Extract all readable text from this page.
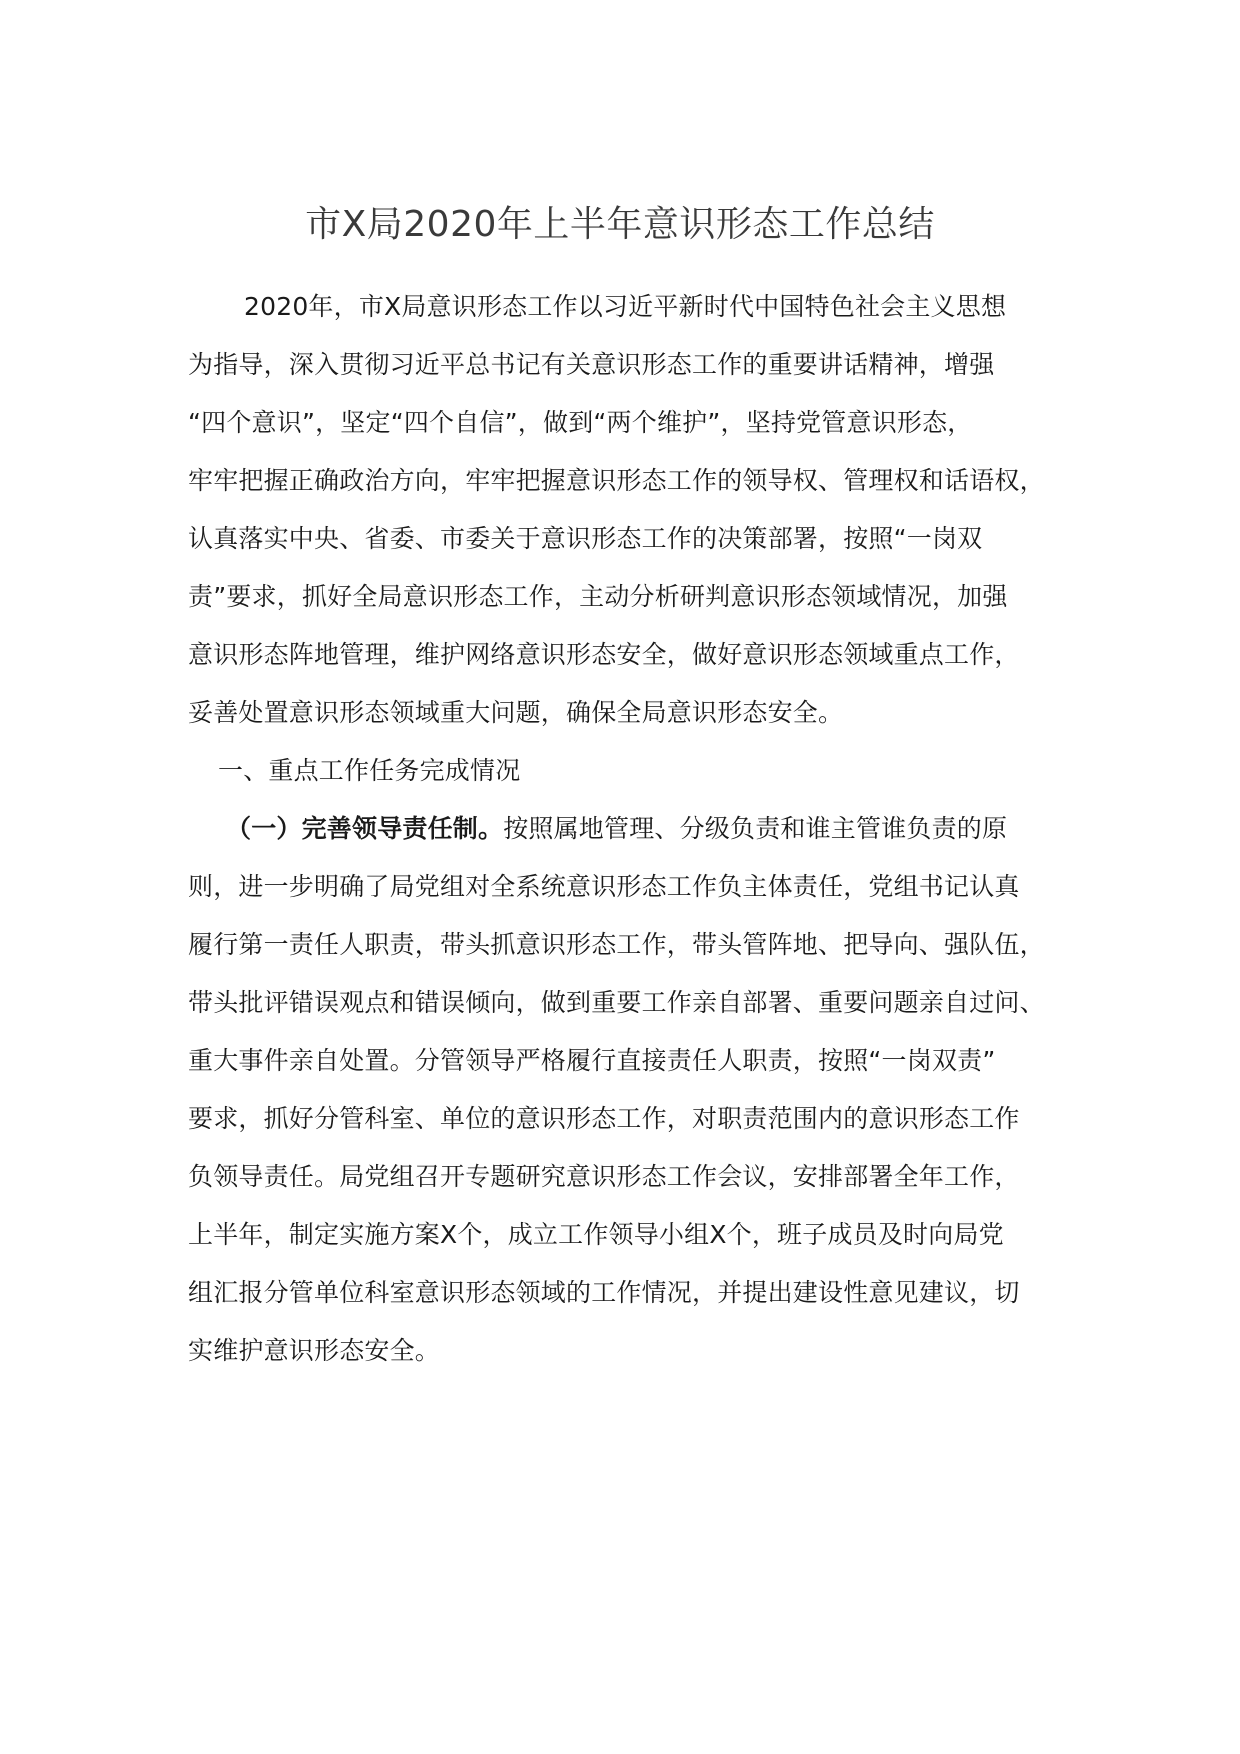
市X局2020年上半年意识形态工作总结
2020年，市X局意识形态工作以习近平新时代中国特色社会主义思想
为指导，深入贯彻习近平总书记有关意识形态工作的重要讲话精神，增强
“四个意识”，坚定“四个自信”，做到“两个维护”，坚持党管意识形态，
牢牢把握正确政治方向，牢牢把握意识形态工作的领导权、管理权和话语权，
认真落实中央、省委、市委关于意识形态工作的决策部署，按照“一岗双
责”要求，抓好全局意识形态工作，主动分析研判意识形态领域情况，加强
意识形态阵地管理，维护网络意识形态安全，做好意识形态领域重点工作，
妥善处置意识形态领域重大问题，确保全局意识形态安全。
一、重点工作任务完成情况
（一）完善领导责任制。按照属地管理、分级负责和谁主管谁负责的原
则，进一步明确了局党组对全系统意识形态工作负主体责任，党组书记认真
履行第一责任人职责，带头抓意识形态工作，带头管阵地、把导向、强队伍，
带头批评错误观点和错误倾向，做到重要工作亲自部署、重要问题亲自过问、
重大事件亲自处置。分管领导严格履行直接责任人职责，按照“一岗双责”
要求，抓好分管科室、单位的意识形态工作，对职责范围内的意识形态工作
负领导责任。局党组召开专题研究意识形态工作会议，安排部署全年工作，
上半年，制定实施方案X个，成立工作领导小组X个，班子成员及时向局党
组汇报分管单位科室意识形态领域的工作情况，并提出建设性意见建议，切
实维护意识形态安全。
